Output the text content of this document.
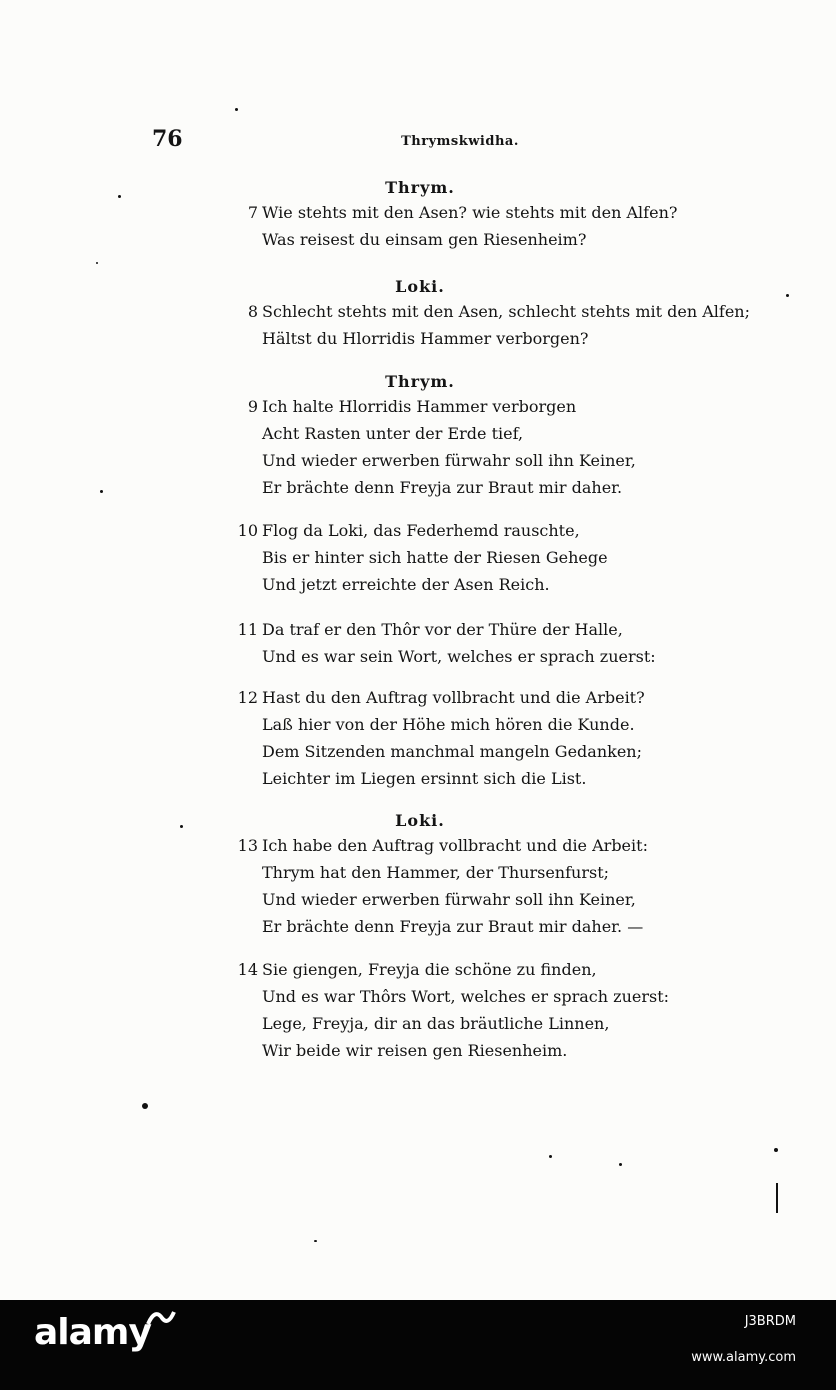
76	Thrymskwidha.
Thrym.
7 Wie stehts mit den Asen? wie stehts mit den Alfen?
Was reisest du einsam gen Riesenheim?
Loki.
8 Schlecht stehts mit den Asen, schlecht stehts mit den Alfen;
Hältst du Hlorridis Hammer verborgen?
Thrym.
9 Ich halte Hlorridis Hammer verborgen
Acht Rasten unter der Erde tief,
Und wieder erwerben fürwahr soll ihn Keiner,
Er brächte denn Freyja zur Braut mir daher.
10 Flog da Loki, das Federhemd rauschte,
Bis er hinter sich hatte der Riesen Gehege
Und jetzt erreichte der Asen Reich.
11 Da traf er den Thôr vor der Thüre der Halle,
Und es war sein Wort, welches er sprach zuerst:
12 Hast du den Auftrag vollbracht und die Arbeit?
Laß hier von der Höhe mich hören die Kunde.
Dem Sitzenden manchmal mangeln Gedanken;
Leichter im Liegen ersinnt sich die List.
Loki.
13 Ich habe den Auftrag vollbracht und die Arbeit:
Thrym hat den Hammer, der Thursenfurst;
Und wieder erwerben fürwahr soll ihn Keiner,
Er brächte denn Freyja zur Braut mir daher. —
14 Sie giengen, Freyja die schöne zu finden,
Und es war Thôrs Wort, welches er sprach zuerst:
Lege, Freyja, dir an das bräutliche Linnen,
Wir beide wir reisen gen Riesenheim.
alamy	J3BRDM
www.alamy.com
